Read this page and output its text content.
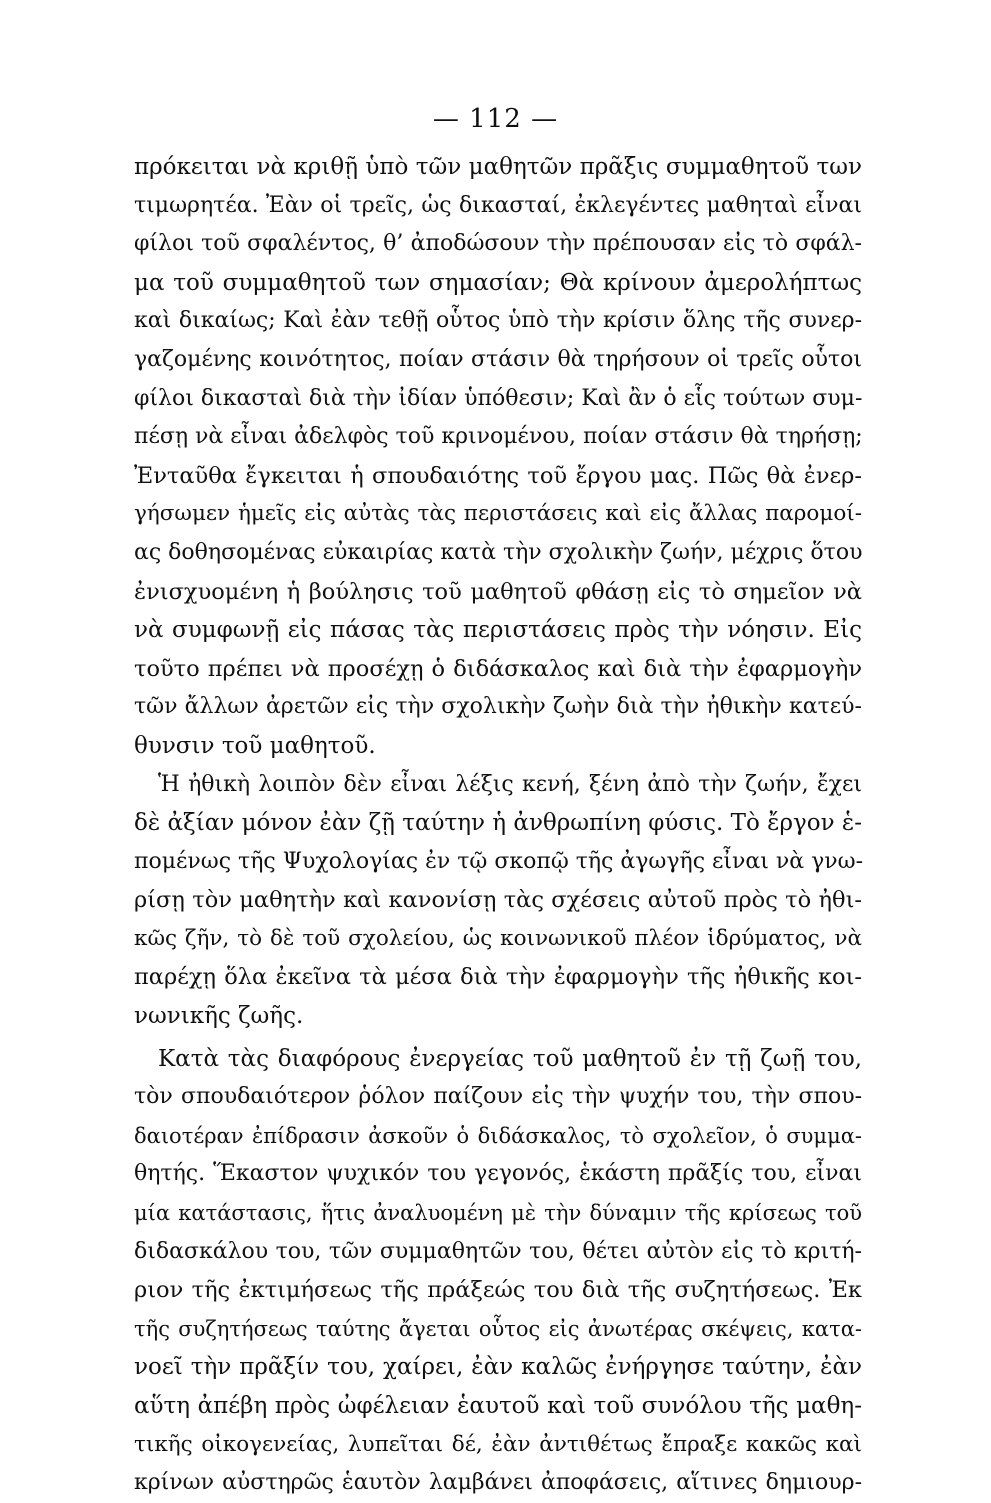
— 112 —
πρόκειται νὰ κριθῇ ὑπὸ τῶν μαθητῶν πρᾶξις συμμαθητοῦ των
τιμωρητέα. Ἐὰν οἱ τρεῖς, ὡς δικασταί, ἐκλεγέντες μαθηταὶ εἶναι
φίλοι τοῦ σφαλέντος, θ’ ἀποδώσουν τὴν πρέπουσαν εἰς τὸ σφάλ-
μα τοῦ συμμαθητοῦ των σημασίαν; Θὰ κρίνουν ἀμερολήπτως
καὶ δικαίως; Καὶ ἐὰν τεθῇ οὗτος ὑπὸ τὴν κρίσιν ὅλης τῆς συνερ-
γαζομένης κοινότητος, ποίαν στάσιν θὰ τηρήσουν οἱ τρεῖς οὗτοι
φίλοι δικασταὶ διὰ τὴν ἰδίαν ὑπόθεσιν; Καὶ ἂν ὁ εἷς τούτων συμ-
πέσῃ νὰ εἶναι ἀδελφὸς τοῦ κρινομένου, ποίαν στάσιν θὰ τηρήσῃ;
Ἐνταῦθα ἔγκειται ἡ σπουδαιότης τοῦ ἔργου μας. Πῶς θὰ ἐνερ-
γήσωμεν ἡμεῖς εἰς αὐτὰς τὰς περιστάσεις καὶ εἰς ἄλλας παρομοί-
ας δοθησομένας εὐκαιρίας κατὰ τὴν σχολικὴν ζωήν, μέχρις ὅτου
ἐνισχυομένη ἡ βούλησις τοῦ μαθητοῦ φθάσῃ εἰς τὸ σημεῖον νὰ
νὰ συμφωνῇ εἰς πάσας τὰς περιστάσεις πρὸς τὴν νόησιν. Εἰς
τοῦτο πρέπει νὰ προσέχῃ ὁ διδάσκαλος καὶ διὰ τὴν ἐφαρμογὴν
τῶν ἄλλων ἀρετῶν εἰς τὴν σχολικὴν ζωὴν διὰ τὴν ἠθικὴν κατεύ-
θυνσιν τοῦ μαθητοῦ.
Ἡ ἠθικὴ λοιπὸν δὲν εἶναι λέξις κενή, ξένη ἀπὸ τὴν ζωήν, ἔχει
δὲ ἀξίαν μόνον ἐὰν ζῇ ταύτην ἡ ἀνθρωπίνη φύσις. Τὸ ἔργον ἑ-
πομένως τῆς Ψυχολογίας ἐν τῷ σκοπῷ τῆς ἀγωγῆς εἶναι νὰ γνω-
ρίσῃ τὸν μαθητὴν καὶ κανονίσῃ τὰς σχέσεις αὐτοῦ πρὸς τὸ ἠθι-
κῶς ζῆν, τὸ δὲ τοῦ σχολείου, ὡς κοινωνικοῦ πλέον ἱδρύματος, νὰ
παρέχῃ ὅλα ἐκεῖνα τὰ μέσα διὰ τὴν ἐφαρμογὴν τῆς ἠθικῆς κοι-
νωνικῆς ζωῆς.
Κατὰ τὰς διαφόρους ἐνεργείας τοῦ μαθητοῦ ἐν τῇ ζωῇ του,
τὸν σπουδαιότερον ῥόλον παίζουν εἰς τὴν ψυχήν του, τὴν σπου-
δαιοτέραν ἐπίδρασιν ἀσκοῦν ὁ διδάσκαλος, τὸ σχολεῖον, ὁ συμμα-
θητής. Ἕκαστον ψυχικόν του γεγονός, ἑκάστη πρᾶξίς του, εἶναι
μία κατάστασις, ἥτις ἀναλυομένη μὲ τὴν δύναμιν τῆς κρίσεως τοῦ
διδασκάλου του, τῶν συμμαθητῶν του, θέτει αὐτὸν εἰς τὸ κριτή-
ριον τῆς ἐκτιμήσεως τῆς πράξεώς του διὰ τῆς συζητήσεως. Ἐκ
τῆς συζητήσεως ταύτης ἄγεται οὗτος εἰς ἀνωτέρας σκέψεις, κατα-
νοεῖ τὴν πρᾶξίν του, χαίρει, ἐὰν καλῶς ἐνήργησε ταύτην, ἐὰν
αὕτη ἀπέβη πρὸς ὠφέλειαν ἑαυτοῦ καὶ τοῦ συνόλου τῆς μαθη-
τικῆς οἰκογενείας, λυπεῖται δέ, ἐὰν ἀντιθέτως ἔπραξε κακῶς καὶ
κρίνων αὐστηρῶς ἑαυτὸν λαμβάνει ἀποφάσεις, αἵτινες δημιουρ-
